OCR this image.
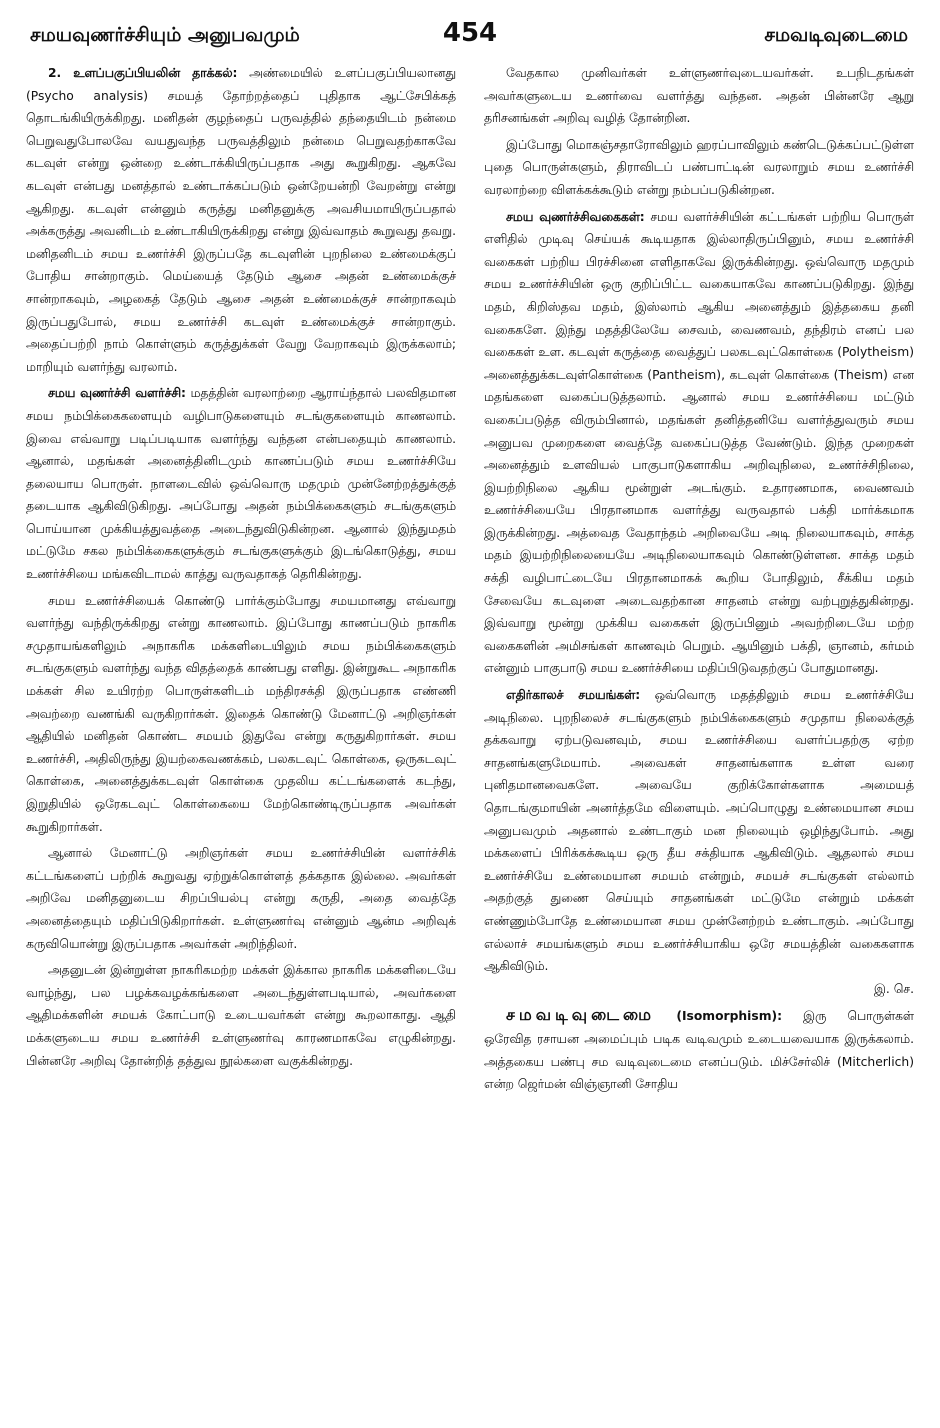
சமயவுணர்ச்சியும் அனுபவமும்	454	சமவடிவுடைமை

2. உளப்பகுப்பியலின் தாக்கல்: அண்மையில் உளப்பகுப்பியலானது (Psycho analysis) சமயத் தோற்றத்தைப் புதிதாக ஆட்சேபிக்கத் தொடங்கியிருக்கிறது. மனிதன் குழந்தைப் பருவத்தில் தந்தையிடம் நன்மை பெறுவதுபோலவே வயதுவந்த பருவத்திலும் நன்மை பெறுவதற்காகவே கடவுள் என்று ஒன்றை உண்டாக்கியிருப்பதாக அது கூறுகிறது. ஆகவே கடவுள் என்பது மனத்தால் உண்டாக்கப்படும் ஒன்றேயன்றி வேறன்று என்று ஆகிறது. கடவுள் என்னும் கருத்து மனிதனுக்கு அவசியமாயிருப்பதால் அக்கருத்து அவனிடம் உண்டாகியிருக்கிறது என்று இவ்வாதம் கூறுவது தவறு. மனிதனிடம் சமய உணர்ச்சி இருப்பதே கடவுளின் புறநிலை உண்மைக்குப் போதிய சான்றாகும். மெய்யைத் தேடும் ஆசை அதன் உண்மைக்குச் சான்றாகவும், அழகைத் தேடும் ஆசை அதன் உண்மைக்குச் சான்றாகவும் இருப்பதுபோல், சமய உணர்ச்சி கடவுள் உண்மைக்குச் சான்றாகும். அதைப்பற்றி நாம் கொள்ளும் கருத்துக்கள் வேறு வேறாகவும் இருக்கலாம்; மாறியும் வளர்ந்து வரலாம்.

சமய வுணர்ச்சி வளர்ச்சி: மதத்தின் வரலாற்றை ஆராய்ந்தால் பலவிதமான சமய நம்பிக்கைகளையும் வழிபாடுகளையும் சடங்குகளையும் காணலாம். இவை எவ்வாறு படிப்படியாக வளர்ந்து வந்தன என்பதையும் காணலாம். ஆனால், மதங்கள் அனைத்தினிடமும் காணப்படும் சமய உணர்ச்சியே தலையாய பொருள். நாளடைவில் ஒவ்வொரு மதமும் முன்னேற்றத்துக்குத் தடையாக ஆகிவிடுகிறது. அப்போது அதன் நம்பிக்கைகளும் சடங்குகளும் பொய்யான முக்கியத்துவத்தை அடைந்துவிடுகின்றன. ஆனால் இந்துமதம் மட்டுமே சகல நம்பிக்கைகளுக்கும் சடங்குகளுக்கும் இடங்கொடுத்து, சமய உணர்ச்சியை மங்கவிடாமல் காத்து வருவதாகத் தெரிகின்றது.

சமய உணர்ச்சியைக் கொண்டு பார்க்கும்போது சமயமானது எவ்வாறு வளர்ந்து வந்திருக்கிறது என்று காணலாம். இப்போது காணப்படும் நாகரிக சமுதாயங்களிலும் அநாகரிக மக்களிடையிலும் சமய நம்பிக்கைகளும் சடங்குகளும் வளர்ந்து வந்த விதத்தைக் காண்பது எளிது. இன்றுகூட அநாகரிக மக்கள் சில உயிரற்ற பொருள்களிடம் மந்திரசக்தி இருப்பதாக எண்ணி அவற்றை வணங்கி வருகிறார்கள். இதைக் கொண்டு மேனாட்டு அறிஞர்கள் ஆதியில் மனிதன் கொண்ட சமயம் இதுவே என்று கருதுகிறார்கள். சமய உணர்ச்சி, அதிலிருந்து இயற்கைவணக்கம், பலகடவுட் கொள்கை, ஒருகடவுட் கொள்கை, அனைத்துக்கடவுள் கொள்கை முதலிய கட்டங்களைக் கடந்து, இறுதியில் ஒரேகடவுட் கொள்கையை மேற்கொண்டிருப்பதாக அவர்கள் கூறுகிறார்கள்.

ஆனால் மேனாட்டு அறிஞர்கள் சமய உணர்ச்சியின் வளர்ச்சிக் கட்டங்களைப் பற்றிக் கூறுவது ஏற்றுக்கொள்ளத் தக்கதாக இல்லை. அவர்கள் அறிவே மனிதனுடைய சிறப்பியல்பு என்று கருதி, அதை வைத்தே அனைத்தையும் மதிப்பிடுகிறார்கள். உள்ளுணர்வு என்னும் ஆன்ம அறிவுக் கருவியொன்று இருப்பதாக அவர்கள் அறிந்திலர்.

அதனுடன் இன்றுள்ள நாகரிகமற்ற மக்கள் இக்கால நாகரிக மக்களிடையே வாழ்ந்து, பல பழக்கவழக்கங்களை அடைந்துள்ளபடியால், அவர்களை ஆதிமக்களின் சமயக் கோட்பாடு உடையவர்கள் என்று கூறலாகாது. ஆதி மக்களுடைய சமய உணர்ச்சி உள்ளுணர்வு காரணமாகவே எழுகின்றது. பின்னரே அறிவு தோன்றித் தத்துவ நூல்களை வகுக்கின்றது.

வேதகால முனிவர்கள் உள்ளுணர்வுடையவர்கள். உபநிடதங்கள் அவர்களுடைய உணர்வை வளர்த்து வந்தன. அதன் பின்னரே ஆறு தரிசனங்கள் அறிவு வழித் தோன்றின.

இப்போது மொகஞ்சதாரோவிலும் ஹரப்பாவிலும் கண்டெடுக்கப்பட்டுள்ள புதை பொருள்களும், திராவிடப் பண்பாட்டின் வரலாறும் சமய உணர்ச்சி வரலாற்றை விளக்கக்கூடும் என்று நம்பப்படுகின்றன.

சமய வுணர்ச்சிவகைகள்: சமய வளர்ச்சியின் கட்டங்கள் பற்றிய பொருள் எளிதில் முடிவு செய்யக் கூடியதாக இல்லாதிருப்பினும், சமய உணர்ச்சி வகைகள் பற்றிய பிரச்சினை எளிதாகவே இருக்கின்றது. ஒவ்வொரு மதமும் சமய உணர்ச்சியின் ஒரு குறிப்பிட்ட வகையாகவே காணப்படுகிறது. இந்து மதம், கிறிஸ்தவ மதம், இஸ்லாம் ஆகிய அனைத்தும் இத்தகைய தனி வகைகளே. இந்து மதத்திலேயே சைவம், வைணவம், தந்திரம் எனப் பல வகைகள் உள. கடவுள் கருத்தை வைத்துப் பலகடவுட்கொள்கை (Polytheism) அனைத்துக்கடவுள்கொள்கை (Pantheism), கடவுள் கொள்கை (Theism) என மதங்களை வகைப்படுத்தலாம். ஆனால் சமய உணர்ச்சியை மட்டும் வகைப்படுத்த விரும்பினால், மதங்கள் தனித்தனியே வளர்த்துவரும் சமய அனுபவ முறைகளை வைத்தே வகைப்படுத்த வேண்டும். இந்த முறைகள் அனைத்தும் உளவியல் பாகுபாடுகளாகிய அறிவுநிலை, உணர்ச்சிநிலை, இயற்றிநிலை ஆகிய மூன்றுள் அடங்கும். உதாரணமாக, வைணவம் உணர்ச்சியையே பிரதானமாக வளர்த்து வருவதால் பக்தி மார்க்கமாக இருக்கின்றது. அத்வைத வேதாந்தம் அறிவையே அடி நிலையாகவும், சாக்த மதம் இயற்றிநிலையையே அடிநிலையாகவும் கொண்டுள்ளன. சாக்த மதம் சக்தி வழிபாட்டையே பிரதானமாகக் கூறிய போதிலும், சீக்கிய மதம் சேவையே கடவுளை அடைவதற்கான சாதனம் என்று வற்புறுத்துகின்றது. இவ்வாறு மூன்று முக்கிய வகைகள் இருப்பினும் அவற்றிடையே மற்ற வகைகளின் அமிசங்கள் காணவும் பெறும். ஆயினும் பக்தி, ஞானம், கர்மம் என்னும் பாகுபாடு சமய உணர்ச்சியை மதிப்பிடுவதற்குப் போதுமானது.

எதிர்காலச் சமயங்கள்: ஒவ்வொரு மதத்திலும் சமய உணர்ச்சியே அடிநிலை. புறநிலைச் சடங்குகளும் நம்பிக்கைகளும் சமுதாய நிலைக்குத் தக்கவாறு ஏற்படுவனவும், சமய உணர்ச்சியை வளர்ப்பதற்கு ஏற்ற சாதனங்களுமேயாம். அவைகள் சாதனங்களாக உள்ள வரை புனிதமானவைகளே. அவையே குறிக்கோள்களாக அமையத் தொடங்குமாயின் அனர்த்தமே விளையும். அப்பொழுது உண்மையான சமய அனுபவமும் அதனால் உண்டாகும் மன நிலையும் ஒழிந்துபோம். அது மக்களைப் பிரிக்கக்கூடிய ஒரு தீய சக்தியாக ஆகிவிடும். ஆதலால் சமய உணர்ச்சியே உண்மையான சமயம் என்றும், சமயச் சடங்குகள் எல்லாம் அதற்குத் துணை செய்யும் சாதனங்கள் மட்டுமே என்றும் மக்கள் எண்ணும்போதே உண்மையான சமய முன்னேற்றம் உண்டாகும். அப்போது எல்லாச் சமயங்களும் சமய உணர்ச்சியாகிய ஒரே சமயத்தின் வகைகளாக ஆகிவிடும்.
இ. செ.

சமவடிவுடைமை (Isomorphism): இரு பொருள்கள் ஒரேவித ரசாயன அமைப்பும் படிக வடிவமும் உடையவையாக இருக்கலாம். அத்தகைய பண்பு சம வடிவுடைமை எனப்படும். மிச்சேர்லிச் (Mitcherlich) என்ற ஜெர்மன் விஞ்ஞானி சோதிய
